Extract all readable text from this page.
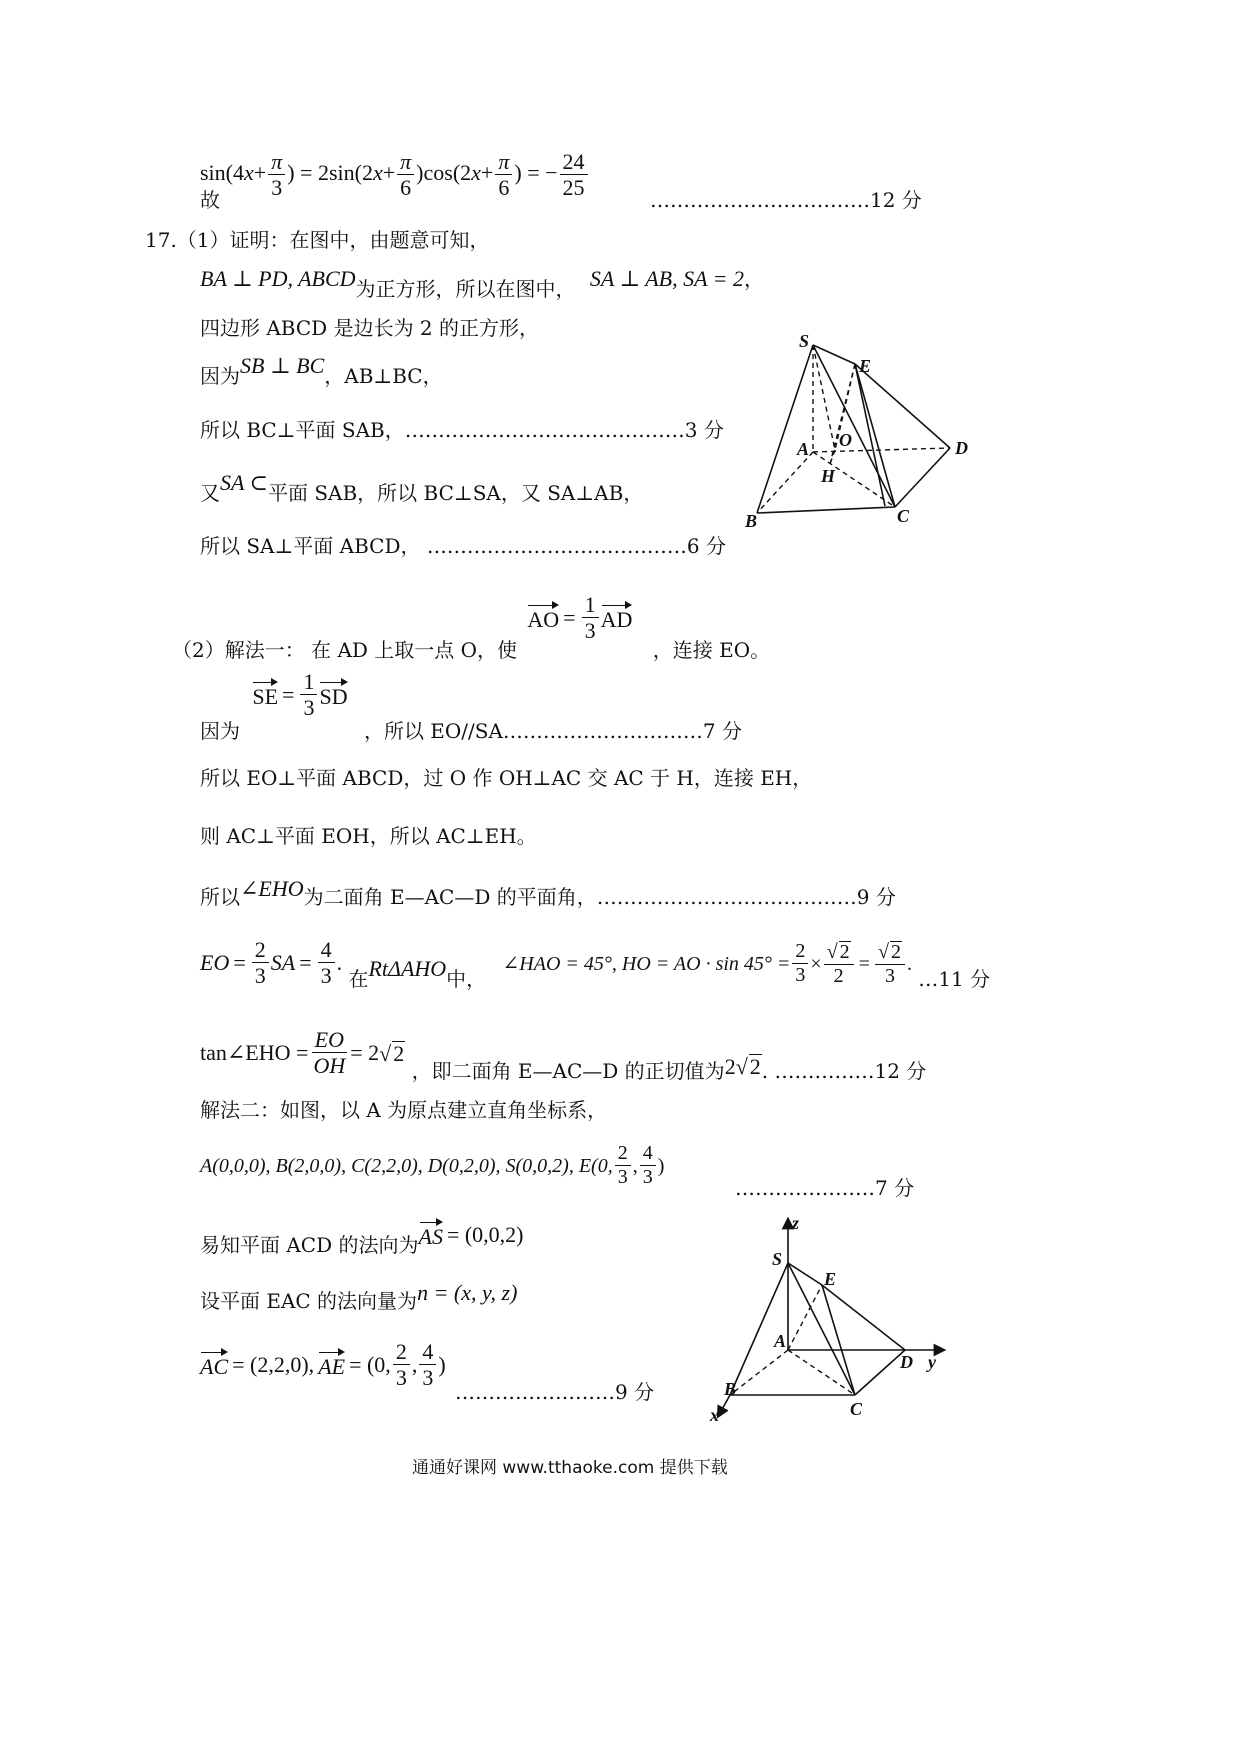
$\sin(4x+ \frac{\pi}{3}$ ) = $2\sin(2x+ \frac{\pi}{6} )\cos(2x+ \frac{\pi}{6}$ ) = − $\frac{24}{25}$
故	……………………………12 分
17.（1）证明：在图中，由题意可知，
BA ⊥ PD, ABCD为正方形，所以在图中， SA ⊥ AB, SA = 2，
四边形 ABCD 是边长为 2 的正方形，
因为SB ⊥ BC，AB⊥BC，
所以 BC⊥平面 SAB，……………………………………3 分
又SA ⊂平面 SAB，所以 BC⊥SA，又 SA⊥AB，
所以 SA⊥平面 ABCD， …………………………………6 分
S
E
A O
H
D
B	C
（2）解法一： 在 AD 上取一点 O，使
AO = $\frac{1}{3}$ AD
，连接 EO。
因为
SE = $\frac{1}{3}$ SD
，所以 EO//SA…………………………7 分
所以 EO⊥平面 ABCD，过 O 作 OH⊥AC 交 AC 于 H，连接 EH，
则 AC⊥平面 EOH，所以 AC⊥EH。
所以∠EHO为二面角 E—AC—D 的平面角，…………………………………9 分
EO = $\frac{2}{3}$ SA = $\frac{4}{3}$ .
在RtΔAHO中，
∠HAO = 45°, HO = AO · $\sin 45^\circ = \frac{2}{3} \times \frac{√ 2}{2} = \frac{√ 2}{3}$ .
…11 分
tan∠EHO = $\frac{EO}{OH} = 2$ √2
，即二面角 E—AC—D 的正切值为2√2. ……………12 分
解法二：如图，以 A 为原点建立直角坐标系，
A(0,0,0), B(2,0,0), C(2,2,0), D(0,2,0), S(0,0,2), E(0, $\frac{2}{3}$ , $\frac{4}{3}$ )
…………………7 分
易知平面 ACD 的法向为 AS = (0,0,2)
设平面 EAC 的法向量为n = (x, y, z)
AC = (2,2,0), AE = (0, $\frac{2}{3}$ , $\frac{4}{3}$ )
……………………9 分
z
S
E
A
D y
B
C
x
通通好课网 www.tthaoke.com 提供下载
